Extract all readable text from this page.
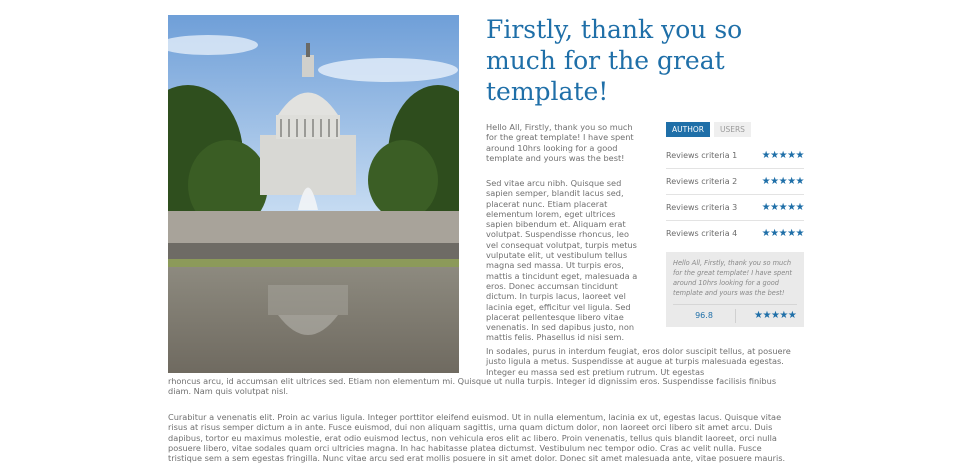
Firstly, thank you so much for the great template!

Hello All, Firstly, thank you so much for the great template! I have spent around 10hrs looking for a good template and yours was the best!

Sed vitae arcu nibh. Quisque sed sapien semper, blandit lacus sed, placerat nunc. Etiam placerat elementum lorem, eget ultrices sapien bibendum et. Aliquam erat volutpat. Suspendisse rhoncus, leo vel consequat volutpat, turpis metus vulputate elit, ut vestibulum tellus magna sed massa. Ut turpis eros, mattis a tincidunt eget, malesuada a eros. Donec accumsan tincidunt dictum. In turpis lacus, laoreet vel lacinia eget, efficitur vel ligula. Sed placerat pellentesque libero vitae venenatis. In sed dapibus justo, non mattis felis. Phasellus id nisi sem.

In sodales, purus in interdum feugiat, eros dolor suscipit tellus, at posuere justo ligula a metus. Suspendisse at augue at turpis malesuada egestas. Integer eu massa sed est pretium rutrum. Ut egestas

rhoncus arcu, id accumsan elit ultrices sed. Etiam non elementum mi. Quisque ut nulla turpis. Integer id dignissim eros. Suspendisse facilisis finibus diam. Nam quis volutpat nisl.

Curabitur a venenatis elit. Proin ac varius ligula. Integer porttitor eleifend euismod. Ut in nulla elementum, lacinia ex ut, egestas lacus. Quisque vitae risus at risus semper dictum a in ante. Fusce euismod, dui non aliquam sagittis, urna quam dictum dolor, non laoreet orci libero sit amet arcu. Duis dapibus, tortor eu maximus molestie, erat odio euismod lectus, non vehicula eros elit ac libero. Proin venenatis, tellus quis blandit laoreet, orci nulla posuere libero, vitae sodales quam orci ultricies magna. In hac habitasse platea dictumst. Vestibulum nec tempor odio. Cras ac velit nulla. Fusce tristique sem a sem egestas fringilla. Nunc vitae arcu sed erat mollis posuere in sit amet dolor. Donec sit amet malesuada ante, vitae posuere mauris.

AUTHOR	USERS
Reviews criteria 1 ★ ★ ★ ★ ★
Reviews criteria 2 ★ ★ ★ ★ ★
Reviews criteria 3 ★ ★ ★ ★ ★
Reviews criteria 4 ★ ★ ★ ★ ★

Hello All, Firstly, thank you so much for the great template! I have spent around 10hrs looking for a good template and yours was the best!

96.8	★ ★ ★ ★ ★
